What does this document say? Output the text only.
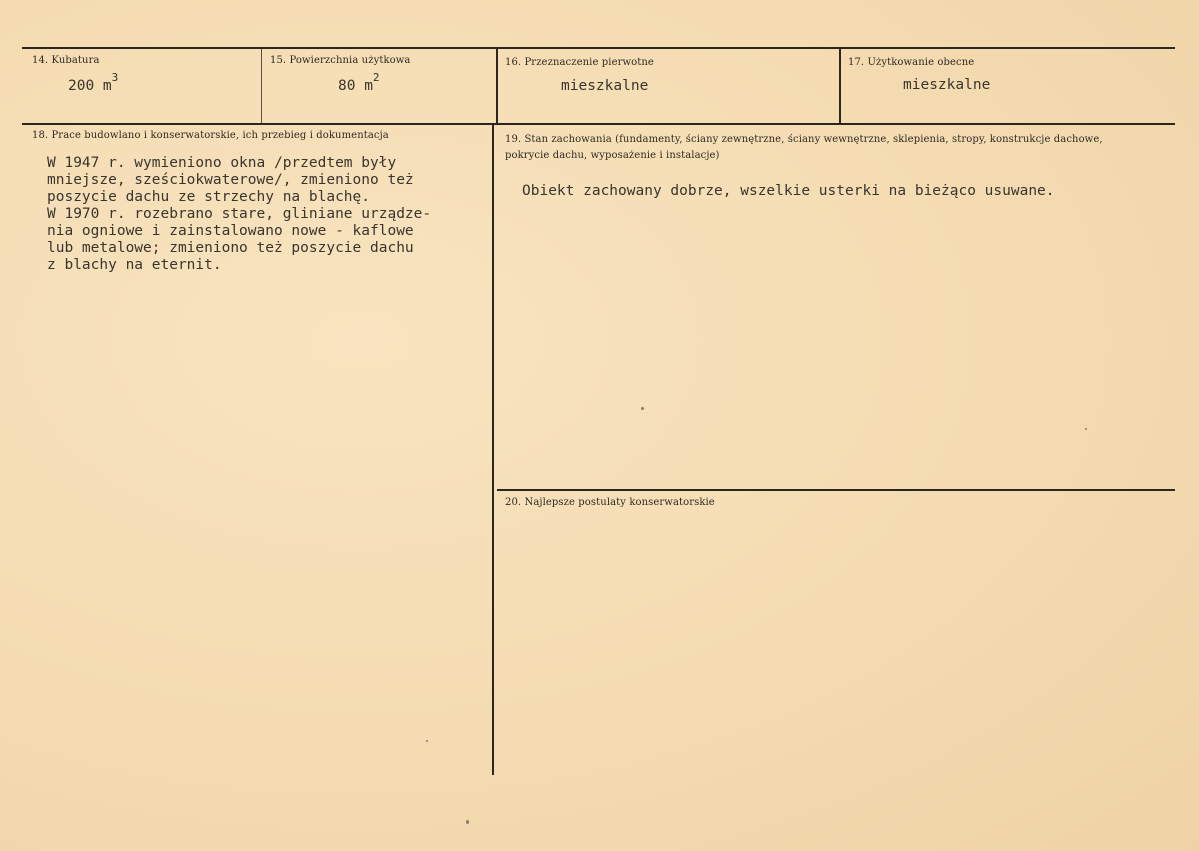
14. Kubatura
200 $m^3$
15. Powierzchnia użytkowa
80 $m^2$
16. Przeznaczenie pierwotne
mieszkalne
17. Użytkowanie obecne
mieszkalne
18. Prace budowlano i konserwatorskie, ich przebieg i dokumentacja
W 1947 r. wymieniono okna /przedtem były
mniejsze, sześciokwaterowe/, zmieniono też
poszycie dachu ze strzechy na blachę.
W 1970 r. rozebrano stare, gliniane urządze-
nia ogniowe i zainstalowano nowe - kaflowe
lub metalowe; zmieniono też poszycie dachu
z blachy na eternit.
19. Stan zachowania (fundamenty, ściany zewnętrzne, ściany wewnętrzne, sklepienia, stropy, konstrukcje dachowe, pokrycie dachu, wyposażenie i instalacje)
Obiekt zachowany dobrze, wszelkie usterki na bieżąco usuwane.
20. Najlepsze postulaty konserwatorskie
